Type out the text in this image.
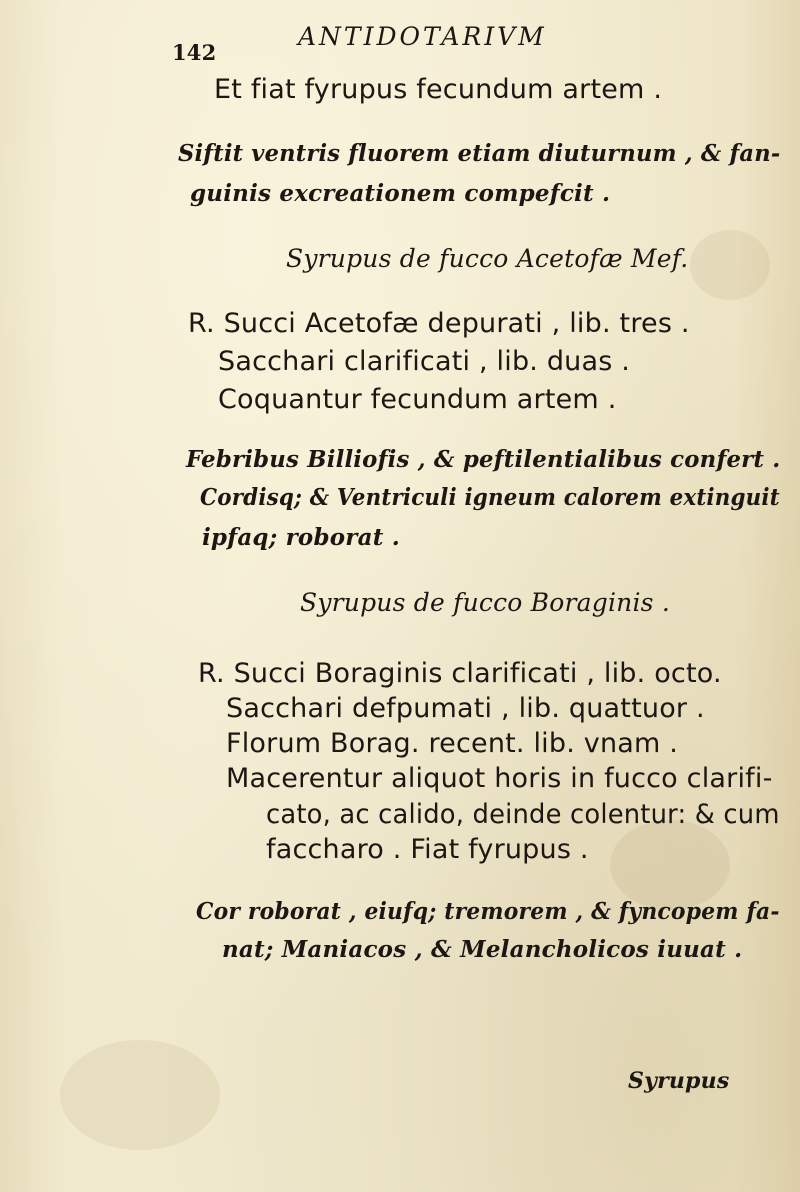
142
ANTIDOTARIVM
Et fiat fyrupus fecundum artem .
Siftit ventris fluorem etiam diuturnum , & fan-
guinis excreationem compefcit .
Syrupus de fucco Acetofæ Mef.
R. Succi Acetofæ depurati , lib. tres .
Sacchari clarificati , lib. duas .
Coquantur fecundum artem .
Febribus Billiofis , & peftilentialibus confert .
Cordisq; & Ventriculi igneum calorem extinguit
ipfaq; roborat .
Syrupus de fucco Boraginis .
R. Succi Boraginis clarificati , lib. octo.
Sacchari defpumati , lib. quattuor .
Florum Borag. recent. lib. vnam .
Macerentur aliquot horis in fucco clarifi-
cato, ac calido, deinde colentur: & cum
faccharo . Fiat fyrupus .
Cor roborat , eiufq; tremorem , & fyncopem fa-
nat; Maniacos , & Melancholicos iuuat .
Syrupus
